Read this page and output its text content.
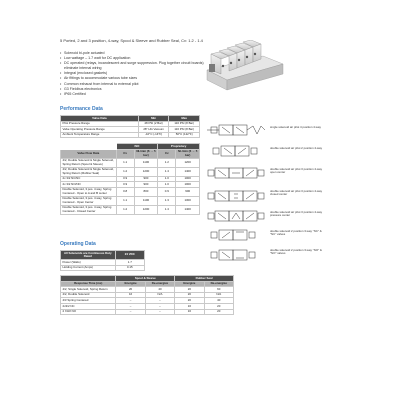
5 Ported, 2 and 3 position, 4-way, Spool & Sleeve and Rubber Seal, Cv: 1.2 - 1.4
• Solenoid bi-pole actuated
• Low wattage – 1.7 watt for DC application
• DC operated (relays, incandescent and surge suppression. Plug together circuit boards) eliminate internal wiring
• Integral (enclosed gaskets)
• Air fittings to accommodate various tube sizes
• Common exhaust from internal to external pilot
• G3 Fieldbus electronics
• IP65 Certified
Performance Data
Valve Data	Min	Max
Pilot Pressure Range	28 PSI (2 Bar)	116 PSI (8 Bar)
Valve Operating Pressure Range	28" HG Vacuum	116 PSI (8 Bar)
Ambient Temperature Range	-10°C (-14°F)	50°C (122°F)
	ISO		Proprietary	
Valve Flow Data	Cv	NL/min (6 → 5 bar)	Cv	NL/min (6 → 5 bar)
4/2, Double Solenoid & Single Solenoid, Spring Return (Spool & Sleeve)	1.1	1100	1.2	1200
4/2, Double Solenoid & Single Solenoid, Spring Return (Rubber Seal)	1.2	1200	1.4	1400
2x 3/2 NC/NC	0.9	900	1.0	1000
2x 3/2 NO/NO	0.9	900	1.0	1000
Double Solenoid, 3 pos. 4 way, Spring Centered - Open to A and B center	0.8	800	0.9	900
Double Solenoid, 3 pos. 4 way, Spring Centered - Open Center	1.1	1100	1.3	1300
Double Solenoid, 3 pos. 4 way, Spring Centered - Closed Center	1.2	1200	1.4	1400
single solenoid air pilot 4 position 4-way
double solenoid air pilot 2 position 4-way
double solenoid air pilot 3 position 4-way open center
double solenoid air pilot 3 position 4-way closed center
double solenoid air pilot 3 position 4-way pressure center
double solenoid 2 position 3-way "NC" & "NC" valves
double solenoid 2 position 3-way "NO" & "NO" valves
Operating Data
All Solenoids are Continuous Duty Rated	24 VDC
Power (Watts)	1.7
Holding Current (Amps)	0.15
	Spool & Sleeve		Rubber Seal	
Response Time (ms)	Energize	De-energize	Energize	De-energize
4/2, Single Solenoid, Spring Return	20	40	20	60
4/2, Double Solenoid	16	N/A	20	N/A
4/3 Spring Centered	–	–	20	40
2x3/2 NC	–	–	16	20
2 X3/2 NO	–	–	16	20
